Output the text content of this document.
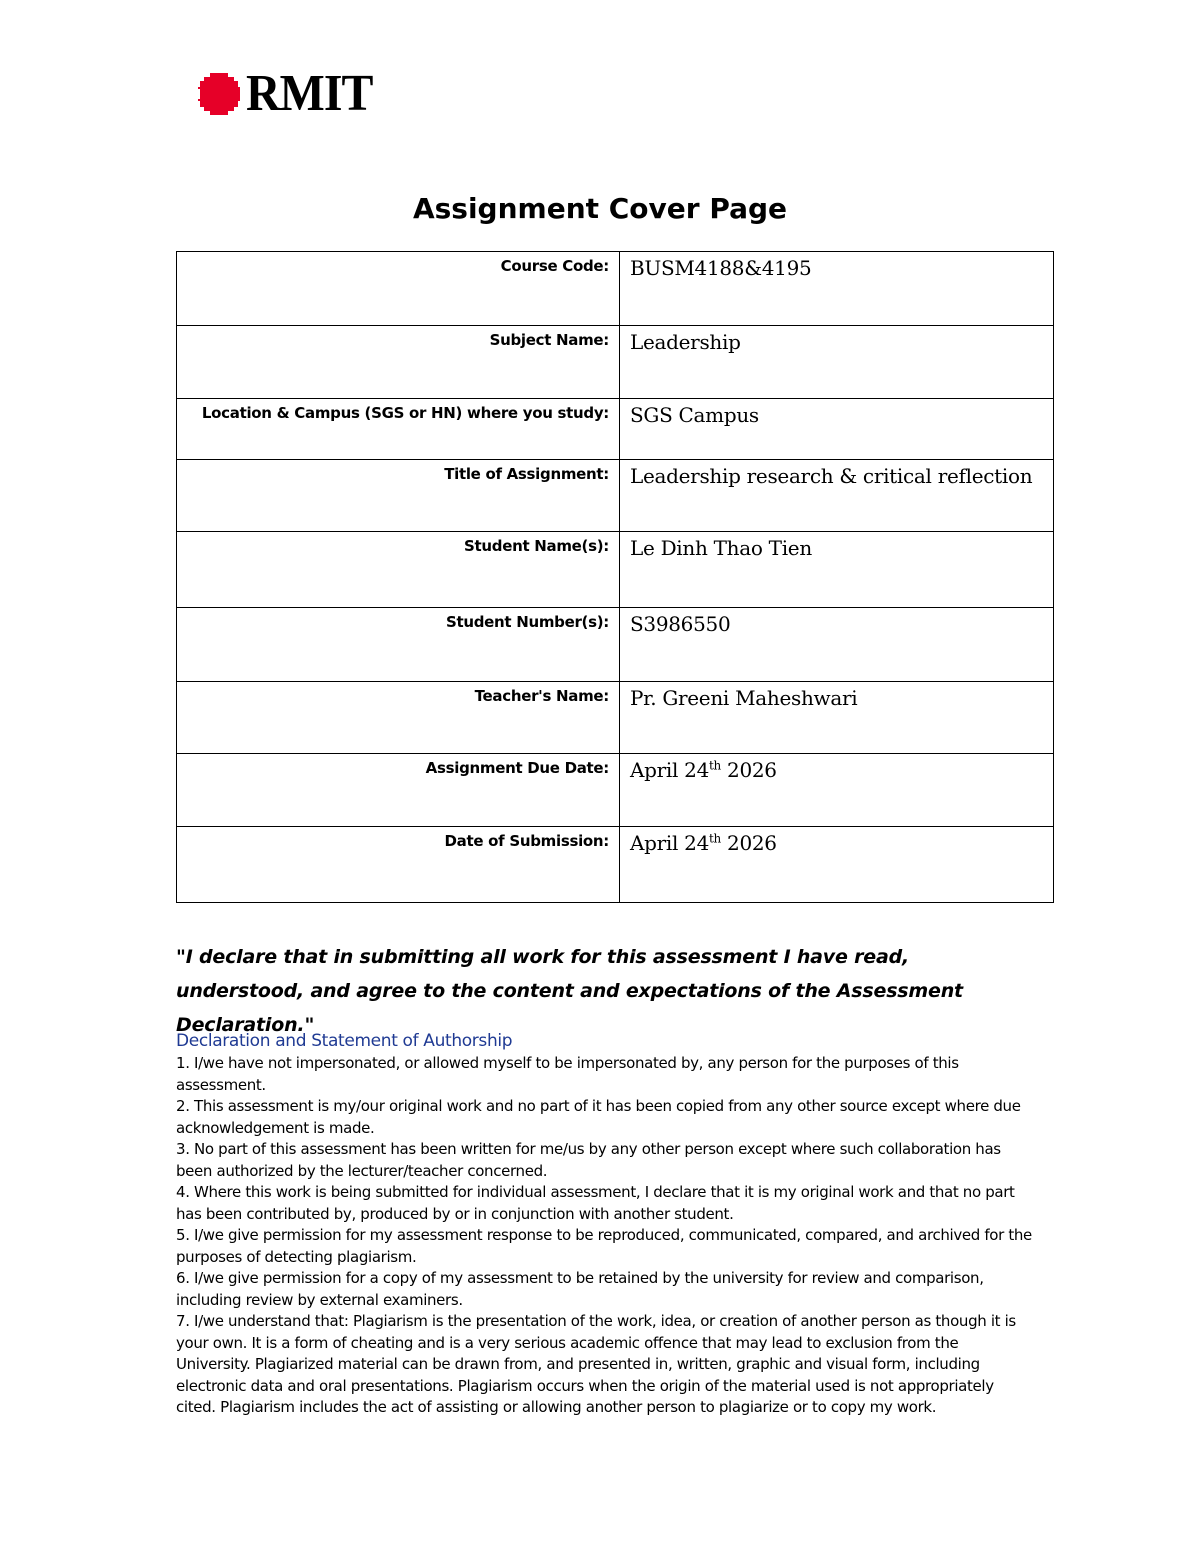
RMIT
Assignment Cover Page
Course Code:	BUSM4188&4195
Subject Name:	Leadership
Location & Campus (SGS or HN) where you study:	SGS Campus
Title of Assignment:	Leadership research & critical reflection
Student Name(s):	Le Dinh Thao Tien
Student Number(s):	S3986550
Teacher's Name:	Pr. Greeni Maheshwari
Assignment Due Date:	April 24th 2026
Date of Submission:	April 24th 2026
"I declare that in submitting all work for this assessment I have read, understood, and agree to the content and expectations of the Assessment Declaration."
Declaration and Statement of Authorship

1. I/we have not impersonated, or allowed myself to be impersonated by, any person for the purposes of this assessment.

2. This assessment is my/our original work and no part of it has been copied from any other source except where due acknowledgement is made.

3. No part of this assessment has been written for me/us by any other person except where such collaboration has been authorized by the lecturer/teacher concerned.

4. Where this work is being submitted for individual assessment, I declare that it is my original work and that no part has been contributed by, produced by or in conjunction with another student.

5. I/we give permission for my assessment response to be reproduced, communicated, compared, and archived for the purposes of detecting plagiarism.

6. I/we give permission for a copy of my assessment to be retained by the university for review and comparison, including review by external examiners.

7. I/we understand that: Plagiarism is the presentation of the work, idea, or creation of another person as though it is your own. It is a form of cheating and is a very serious academic offence that may lead to exclusion from the University. Plagiarized material can be drawn from, and presented in, written, graphic and visual form, including electronic data and oral presentations. Plagiarism occurs when the origin of the material used is not appropriately cited. Plagiarism includes the act of assisting or allowing another person to plagiarize or to copy my work.
